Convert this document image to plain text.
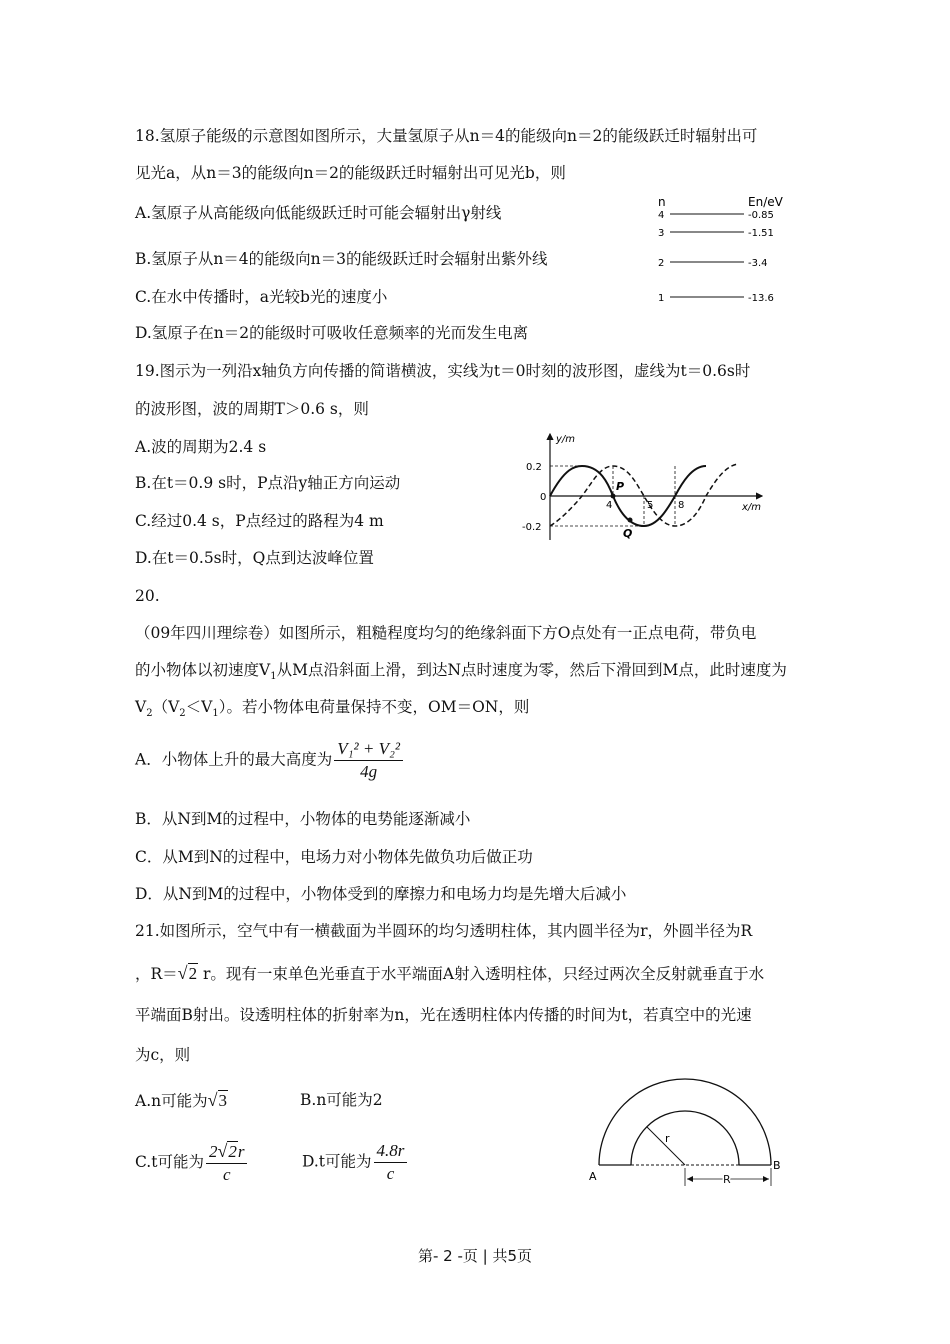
18.氢原子能级的示意图如图所示，大量氢原子从n＝4的能级向n＝2的能级跃迁时辐射出可
见光a，从n＝3的能级向n＝2的能级跃迁时辐射出可见光b，则
A.氢原子从高能级向低能级跃迁时可能会辐射出γ射线
B.氢原子从n＝4的能级向n＝3的能级跃迁时会辐射出紫外线
C.在水中传播时，a光较b光的速度小
D.氢原子在n＝2的能级时可吸收任意频率的光而发生电离
n	En/eV
4	-0.85
3	-1.51
2	-3.4
1	-13.6
19.图示为一列沿x轴负方向传播的简谐横波，实线为t＝0时刻的波形图，虚线为t＝0.6s时
的波形图，波的周期T＞0.6 s，则
A.波的周期为2.4 s
B.在t＝0.9 s时，P点沿y轴正方向运动
C.经过0.4 s，P点经过的路程为4 m
D.在t＝0.5s时，Q点到达波峰位置
y/m
x/m
0.2
0
-0.2
4	5 8
P
Q
20.
（09年四川理综卷）如图所示，粗糙程度均匀的绝缘斜面下方O点处有一正点电荷，带负电
的小物体以初速度$V_1$从M点沿斜面上滑，到达N点时速度为零，然后下滑回到M点，此时速度为
$V_2(V_2<V_1)$。若小物体电荷量保持不变，OM＝ON，则
A．小物体上升的最大高度为 $\frac{\text{V₁² + V₂²}}{4g}$
B．从N到M的过程中，小物体的电势能逐渐减小
C．从M到N的过程中，电场力对小物体先做负功后做正功
D．从N到M的过程中，小物体受到的摩擦力和电场力均是先增大后减小
21.如图所示，空气中有一横截面为半圆环的均匀透明柱体，其内圆半径为r，外圆半径为R
，R＝√2 r。现有一束单色光垂直于水平端面A射入透明柱体，只经过两次全反射就垂直于水
平端面B射出。设透明柱体的折射率为n，光在透明柱体内传播的时间为t，若真空中的光速
为c，则
A.n可能为√3	B.n可能为2
C.t可能为 $\frac{2√2r}{c}$	D.t可能为 $\frac{4.8r}{c}$
r
R
A
B
第- 2 -页 | 共5页
